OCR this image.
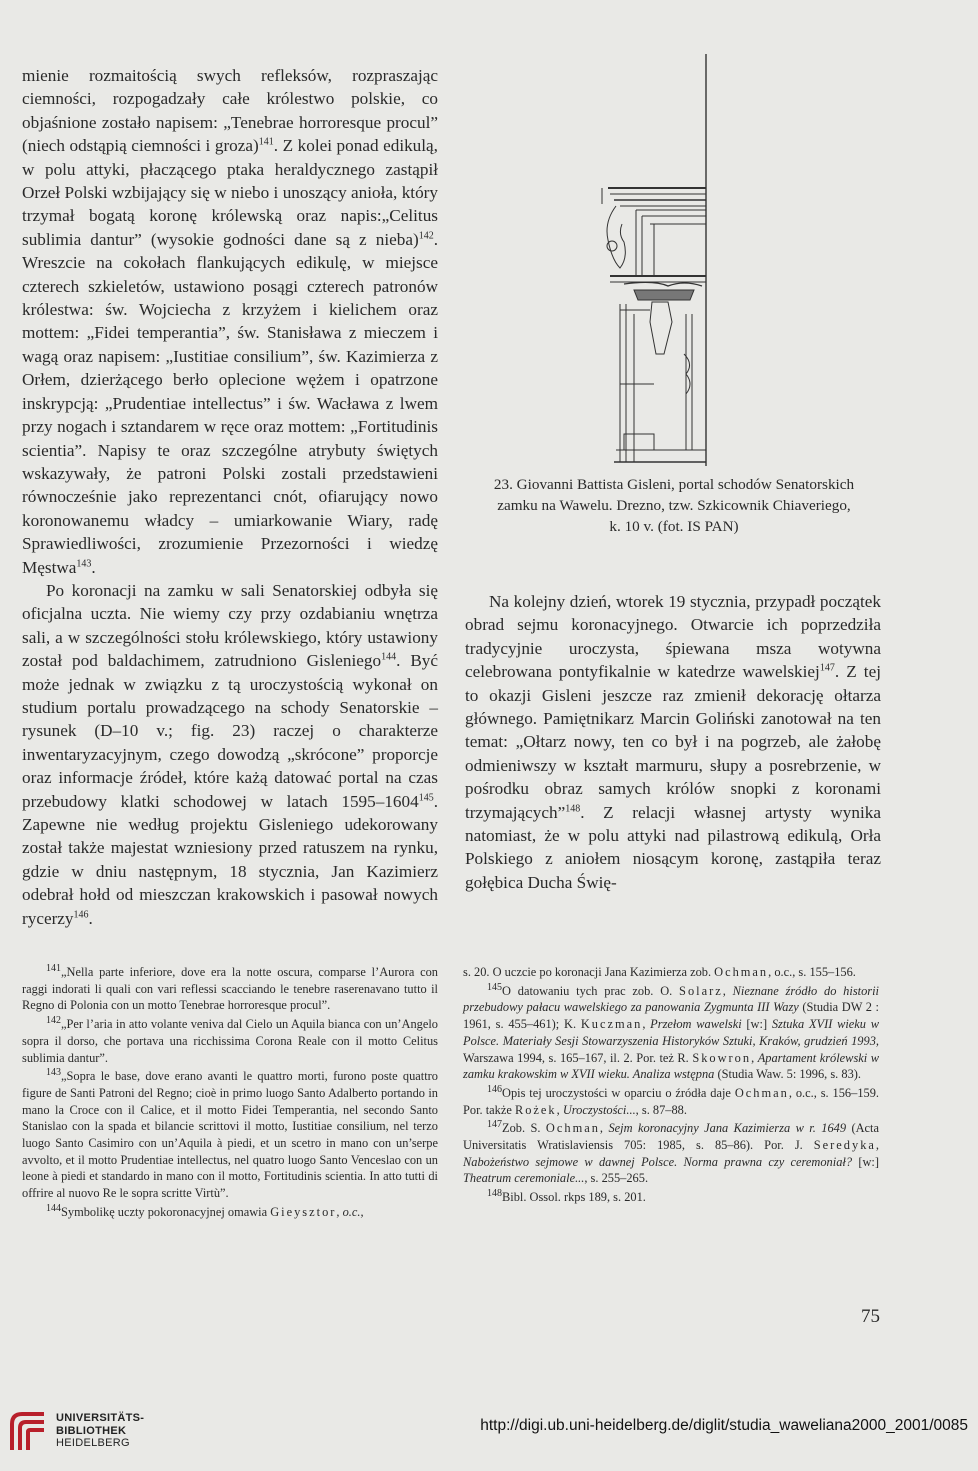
mienie rozmaitością swych refleksów, rozpraszając ciemności, rozpogadzały całe królestwo polskie, co objaśnione zostało napisem: „Tenebrae horroresque procul” (niech odstąpią ciemności i groza)$^{141}$. Z kolei ponad edikulą, w polu attyki, płaczącego ptaka heraldycznego zastąpił Orzeł Polski wzbijający się w niebo i unoszący anioła, który trzymał bogatą koronę królewską oraz napis:„Celitus sublimia dantur” (wysokie godności dane są z nieba)$^{142}$. Wreszcie na cokołach flankujących edikulę, w miejsce czterech szkieletów, ustawiono posągi czterech patronów królestwa: św. Wojciecha z krzyżem i kielichem oraz mottem: „Fidei temperantia”, św. Stanisława z mieczem i wagą oraz napisem: „Iustitiae consilium”, św. Kazimierza z Orłem, dzierżącego berło oplecione wężem i opatrzone inskrypcją: „Prudentiae intellectus” i św. Wacława z lwem przy nogach i sztandarem w ręce oraz mottem: „Fortitudinis scientia”. Napisy te oraz szczególne atrybuty świętych wskazywały, że patroni Polski zostali przedstawieni równocześnie jako reprezentanci cnót, ofiarujący nowo koronowanemu władcy – umiarkowanie Wiary, radę Sprawiedliwości, zrozumienie Przezorności i wiedzę Męstwa$^{143}$.

Po koronacji na zamku w sali Senatorskiej odbyła się oficjalna uczta. Nie wiemy czy przy ozdabianiu wnętrza sali, a w szczególności stołu królewskiego, który ustawiony został pod baldachimem, zatrudniono Gisleniego$^{144}$. Być może jednak w związku z tą uroczystością wykonał on studium portalu prowadzącego na schody Senatorskie – rysunek (D–10 v.; fig. 23) raczej o charakterze inwentaryzacyjnym, czego dowodzą „skrócone” proporcje oraz informacje źródeł, które każą datować portal na czas przebudowy klatki schodowej w latach 1595–1604$^{145}$. Zapewne nie według projektu Gisleniego udekorowany został także majestat wzniesiony przed ratuszem na rynku, gdzie w dniu następnym, 18 stycznia, Jan Kazimierz odebrał hołd od mieszczan krakowskich i pasował nowych rycerzy$^{146}$.

23. Giovanni Battista Gisleni, portal schodów Senatorskich
zamku na Wawelu. Drezno, tzw. Szkicownik Chiaveriego,
k. 10 v. (fot. IS PAN)

Na kolejny dzień, wtorek 19 stycznia, przypadł początek obrad sejmu koronacyjnego. Otwarcie ich poprzedziła tradycyjnie uroczysta, śpiewana msza wotywna celebrowana pontyfikalnie w katedrze wawelskiej$^{147}$. Z tej to okazji Gisleni jeszcze raz zmienił dekorację ołtarza głównego. Pamiętnikarz Marcin Goliński zanotował na ten temat: „Ołtarz nowy, ten co był i na pogrzeb, ale żałobę odmieniwszy w kształt marmuru, słupy a posrebrzenie, w pośrodku obraz samych królów snopki z koronami trzymających”$^{148}$. Z relacji własnej artysty wynika natomiast, że w polu attyki nad pilastrową edikulą, Orła Polskiego z aniołem niosącym koronę, zastąpiła teraz gołębica Ducha Świę-

$^{141}$„Nella parte inferiore, dove era la notte oscura, comparse l’Aurora con raggi indorati li quali con vari reflessi scacciando le tenebre raserenavano tutto il Regno di Polonia con un motto Tenebrae horroresque procul”.

$^{142}$„Per l’aria in atto volante veniva dal Cielo un Aquila bianca con un’Angelo sopra il dorso, che portava una ricchissima Corona Reale con il motto Celitus sublimia dantur”.

$^{143}$„Sopra le base, dove erano avanti le quattro morti, furono poste quattro figure de Santi Patroni del Regno; cioè in primo luogo Santo Adalberto portando in mano la Croce con il Calice, et il motto Fidei Temperantia, nel secondo Santo Stanislao con la spada et bilancie scrittovi il motto, Iustitiae consilium, nel terzo luogo Santo Casimiro con un’Aquila à piedi, et un scetro in mano con un’serpe avvolto, et il motto Prudentiae intellectus, nel quatro luogo Santo Venceslao con un leone à piedi et standardo in mano con il motto, Fortitudinis scientia. In atto tutti di offrire al nuovo Re le sopra scritte Virtù”.

$^{144}$Symbolikę uczty pokoronacyjnej omawia Gieysztor, o.c.,

s. 20. O uczcie po koronacji Jana Kazimierza zob. Ochman, o.c., s. 155–156.

$^{145}$O datowaniu tych prac zob. O. Solarz, Nieznane źródło do historii przebudowy pałacu wawelskiego za panowania Zygmunta III Wazy (Studia DW 2 : 1961, s. 455–461); K. Kuczman, Przełom wawelski [w:] Sztuka XVII wieku w Polsce. Materiały Sesji Stowarzyszenia Historyków Sztuki, Kraków, grudzień 1993, Warszawa 1994, s. 165–167, il. 2. Por. też R. Skowron, Apartament królewski w zamku krakowskim w XVII wieku. Analiza wstępna (Studia Waw. 5: 1996, s. 83).

$^{146}$Opis tej uroczystości w oparciu o źródła daje Ochman, o.c., s. 156–159. Por. także Rożek, Uroczystości..., s. 87–88.

$^{147}$Zob. S. Ochman, Sejm koronacyjny Jana Kazimierza w r. 1649 (Acta Universitatis Wratislaviensis 705: 1985, s. 85–86). Por. J. Seredyka, Nabożeństwo sejmowe w dawnej Polsce. Norma prawna czy ceremoniał? [w:] Theatrum ceremoniale..., s. 255–265.

$^{148}$Bibl. Ossol. rkps 189, s. 201.

75
UNIVERSITÄTS-
BIBLIOTHEK
HEIDELBERG
http://digi.ub.uni-heidelberg.de/diglit/studia_waweliana2000_2001/0085
